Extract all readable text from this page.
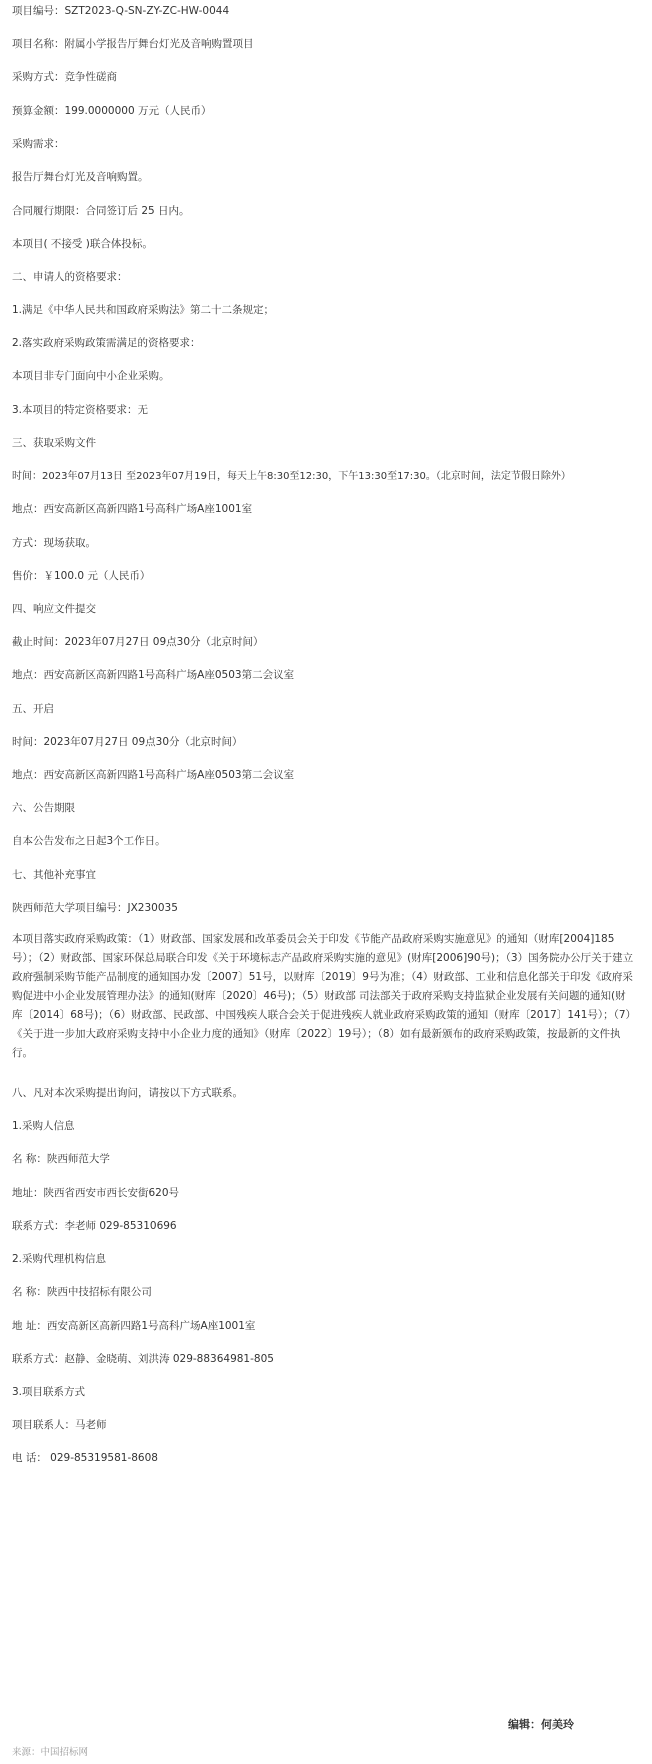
项目编号：SZT2023-Q-SN-ZY-ZC-HW-0044

项目名称：附属小学报告厅舞台灯光及音响购置项目

采购方式：竞争性磋商

预算金额：199.0000000 万元（人民币）

采购需求：

报告厅舞台灯光及音响购置。

合同履行期限：合同签订后 25 日内。

本项目( 不接受 )联合体投标。

二、申请人的资格要求：

1.满足《中华人民共和国政府采购法》第二十二条规定；

2.落实政府采购政策需满足的资格要求：

本项目非专门面向中小企业采购。

3.本项目的特定资格要求：无

三、获取采购文件

时间：2023年07月13日 至2023年07月19日，每天上午8:30至12:30，下午13:30至17:30。（北京时间，法定节假日除外）

地点：西安高新区高新四路1号高科广场A座1001室

方式：现场获取。

售价：￥100.0 元（人民币）

四、响应文件提交

截止时间：2023年07月27日 09点30分（北京时间）

地点：西安高新区高新四路1号高科广场A座0503第二会议室

五、开启

时间：2023年07月27日 09点30分（北京时间）

地点：西安高新区高新四路1号高科广场A座0503第二会议室

六、公告期限

自本公告发布之日起3个工作日。

七、其他补充事宜

陕西师范大学项目编号：JX230035

本项目落实政府采购政策：（1）财政部、国家发展和改革委员会关于印发《节能产品政府采购实施意见》的通知（财库[2004]185号）；（2）财政部、国家环保总局联合印发《关于环境标志产品政府采购实施的意见》(财库[2006]90号)；（3）国务院办公厅关于建立政府强制采购节能产品制度的通知国办发〔2007〕51号，以财库〔2019〕9号为准；（4）财政部、工业和信息化部关于印发《政府采购促进中小企业发展管理办法》的通知(财库〔2020〕46号)；（5）财政部 司法部关于政府采购支持监狱企业发展有关问题的通知(财库〔2014〕68号)；（6）财政部、民政部、中国残疾人联合会关于促进残疾人就业政府采购政策的通知（财库〔2017〕141号）；（7）《关于进一步加大政府采购支持中小企业力度的通知》（财库〔2022〕19号）；（8）如有最新颁布的政府采购政策，按最新的文件执行。

八、凡对本次采购提出询问，请按以下方式联系。

1.采购人信息

名 称：陕西师范大学

地址：陕西省西安市西长安街620号

联系方式：李老师 029-85310696

2.采购代理机构信息

名 称：陕西中技招标有限公司

地 址：西安高新区高新四路1号高科广场A座1001室

联系方式：赵静、金晓萌、刘洪涛 029-88364981-805

3.项目联系方式

项目联系人：马老师

电 话： 029-85319581-8608

编辑：何美玲
来源：中国招标网
